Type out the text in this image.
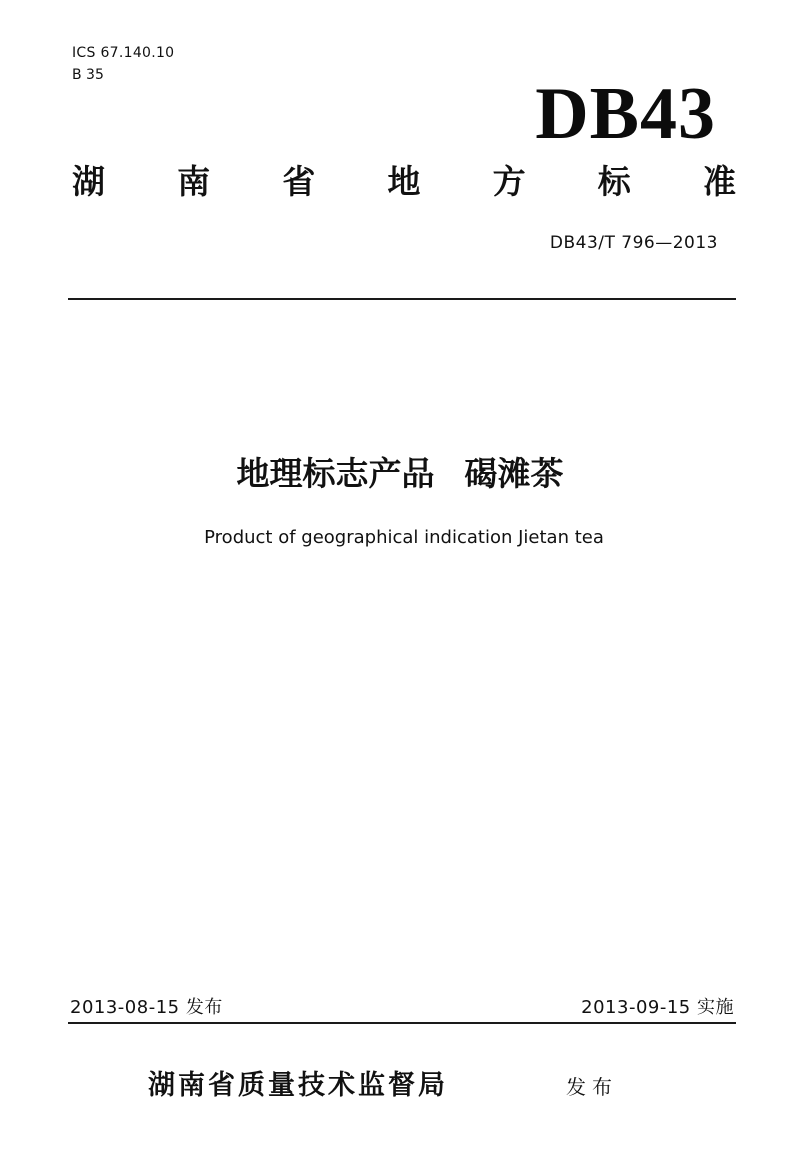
ICS 67.140.10
B 35	DB43
湖 南 省 地 方 标 准
DB43/T 796—2013
地理标志产品 碣滩茶
Product of geographical indication Jietan tea
2013-08-15 发布	2013-09-15 实施
湖南省质量技术监督局	发布
